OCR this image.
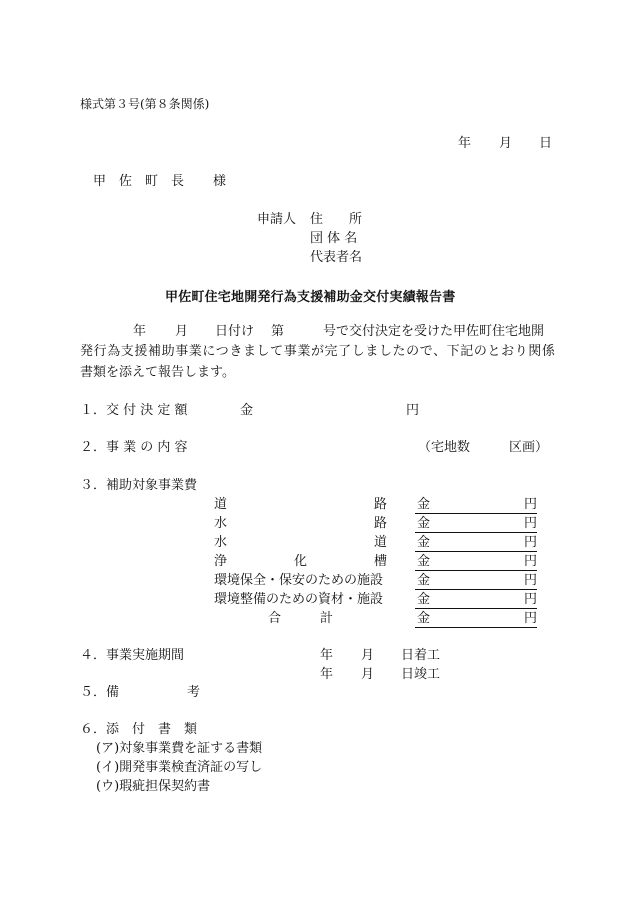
様式第３号(第８条関係)
年 月 日
甲　佐　町　長 様
申請人 住　　所
団 体 名
代表者名
甲佐町住宅地開発行為支援補助金交付実績報告書
年 月 日付け 第	号で交付決定を受けた甲佐町住宅地開
発行為支援補助事業につきまして事業が完了しましたので、下記のとおり関係
書類を添えて報告します。
１．交 付 決 定 額	金	円
２．事 業 の 内 容	（宅地数	区画）
３．補助対象事業費
道	路 金	円
水	路 金	円
水	道 金	円
浄	化	槽 金	円
環境保全・保安のための施設	金	円
環境整備のための資材・施設	金	円
合	計	金	円
４．事業実施期間	年 月 日着工
年 月 日竣工
５．備	考
６．添　付　書　類
(ア)対象事業費を証する書類
(イ)開発事業検査済証の写し
(ウ)瑕疵担保契約書
